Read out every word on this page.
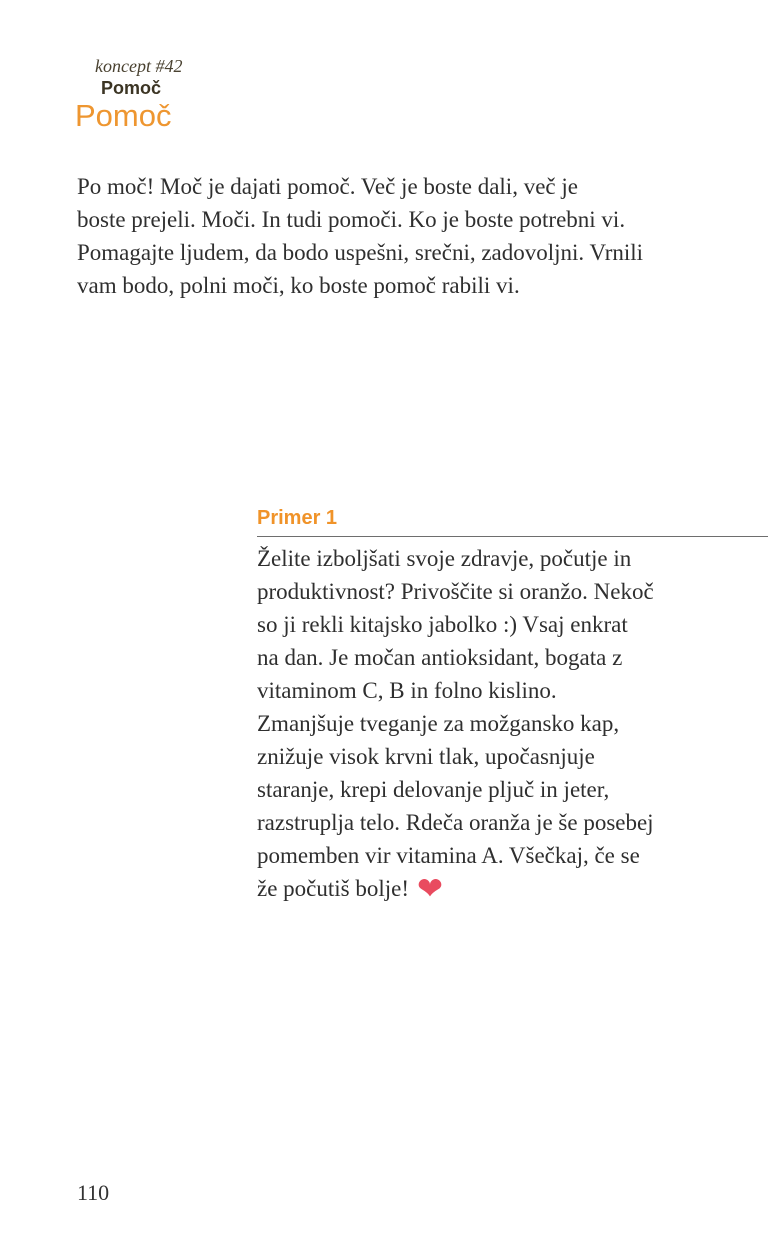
koncept #42
Pomoč

Pomoč
Po moč! Moč je dajati pomoč. Več je boste dali, več je
boste prejeli. Moči. In tudi pomoči. Ko je boste potrebni vi.
Pomagajte ljudem, da bodo uspešni, srečni, zadovoljni. Vrnili
vam bodo, polni moči, ko boste pomoč rabili vi.
Primer 1
Želite izboljšati svoje zdravje, počutje in
produktivnost? Privoščite si oranžo. Nekoč
so ji rekli kitajsko jabolko :) Vsaj enkrat
na dan. Je močan antioksidant, bogata z
vitaminom C, B in folno kislino.
Zmanjšuje tveganje za možgansko kap,
znižuje visok krvni tlak, upočasnjuje
staranje, krepi delovanje pljuč in jeter,
razstruplja telo. Rdeča oranža je še posebej
pomemben vir vitamina A. Všečkaj, če se
že počutiš bolje! ❤
110
